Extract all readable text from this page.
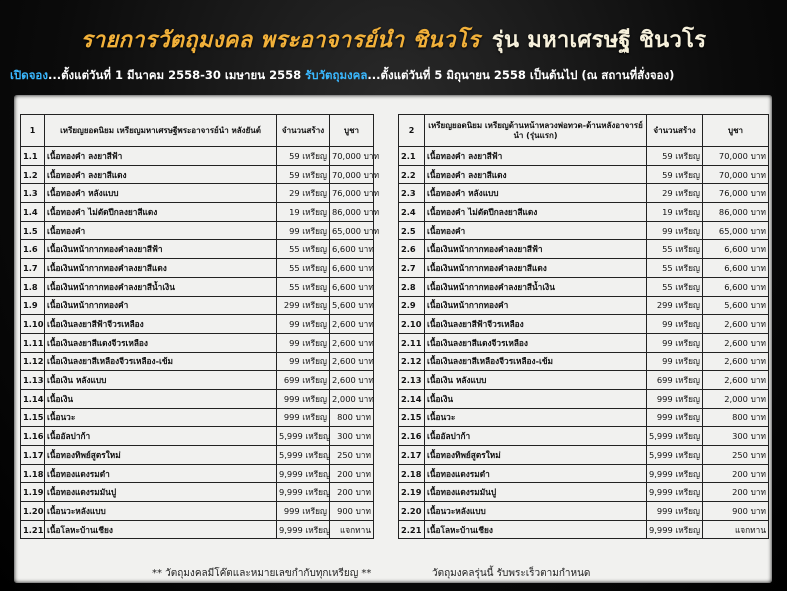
รายการวัตถุมงคล พระอาจารย์นำ ชินวโร รุ่น มหาเศรษฐี ชินวโร
เปิดจอง...ตั้งแต่วันที่ 1 มีนาคม 2558-30 เมษายน 2558 รับวัตถุมงคล...ตั้งแต่วันที่ 5 มิถุนายน 2558 เป็นต้นไป (ณ สถานที่สั่งจอง)
1	เหรียญยอดนิยม เหรียญมหาเศรษฐีพระอาจารย์นำ หลังยันต์	จำนวนสร้าง	บูชา
1.1	เนื้อทองคำ ลงยาสีฟ้า	59 เหรียญ	70,000 บาท
1.2	เนื้อทองคำ ลงยาสีแดง	59 เหรียญ	70,000 บาท
1.3	เนื้อทองคำ หลังแบบ	29 เหรียญ	76,000 บาท
1.4	เนื้อทองคำ ไม่ตัดปีกลงยาสีแดง	19 เหรียญ	86,000 บาท
1.5	เนื้อทองคำ	99 เหรียญ	65,000 บาท
1.6	เนื้อเงินหน้ากากทองคำลงยาสีฟ้า	55 เหรียญ	6,600 บาท
1.7	เนื้อเงินหน้ากากทองคำลงยาสีแดง	55 เหรียญ	6,600 บาท
1.8	เนื้อเงินหน้ากากทองคำลงยาสีน้ำเงิน	55 เหรียญ	6,600 บาท
1.9	เนื้อเงินหน้ากากทองคำ	299 เหรียญ	5,600 บาท
1.10	เนื้อเงินลงยาสีฟ้าจีวรเหลือง	99 เหรียญ	2,600 บาท
1.11	เนื้อเงินลงยาสีแดงจีวรเหลือง	99 เหรียญ	2,600 บาท
1.12	เนื้อเงินลงยาสีเหลืองจีวรเหลือง-เข้ม	99 เหรียญ	2,600 บาท
1.13	เนื้อเงิน หลังแบบ	699 เหรียญ	2,600 บาท
1.14	เนื้อเงิน	999 เหรียญ	2,000 บาท
1.15	เนื้อนวะ	999 เหรียญ	800 บาท
1.16	เนื้ออัลปาก้า	5,999 เหรียญ	300 บาท
1.17	เนื้อทองทิพย์สูตรใหม่	5,999 เหรียญ	250 บาท
1.18	เนื้อทองแดงรมดำ	9,999 เหรียญ	200 บาท
1.19	เนื้อทองแดงรมมันปู	9,999 เหรียญ	200 บาท
1.20	เนื้อนวะหลังแบบ	999 เหรียญ	900 บาท
1.21	เนื้อโลหะบ้านเชียง	9,999 เหรียญ	แจกทาน
2	เหรียญยอดนิยม เหรียญด้านหน้าหลวงพ่อทวด-ด้านหลังอาจารย์นำ (รุ่นแรก)	จำนวนสร้าง	บูชา
2.1	เนื้อทองคำ ลงยาสีฟ้า	59 เหรียญ	70,000 บาท
2.2	เนื้อทองคำ ลงยาสีแดง	59 เหรียญ	70,000 บาท
2.3	เนื้อทองคำ หลังแบบ	29 เหรียญ	76,000 บาท
2.4	เนื้อทองคำ ไม่ตัดปีกลงยาสีแดง	19 เหรียญ	86,000 บาท
2.5	เนื้อทองคำ	99 เหรียญ	65,000 บาท
2.6	เนื้อเงินหน้ากากทองคำลงยาสีฟ้า	55 เหรียญ	6,600 บาท
2.7	เนื้อเงินหน้ากากทองคำลงยาสีแดง	55 เหรียญ	6,600 บาท
2.8	เนื้อเงินหน้ากากทองคำลงยาสีน้ำเงิน	55 เหรียญ	6,600 บาท
2.9	เนื้อเงินหน้ากากทองคำ	299 เหรียญ	5,600 บาท
2.10	เนื้อเงินลงยาสีฟ้าจีวรเหลือง	99 เหรียญ	2,600 บาท
2.11	เนื้อเงินลงยาสีแดงจีวรเหลือง	99 เหรียญ	2,600 บาท
2.12	เนื้อเงินลงยาสีเหลืองจีวรเหลือง-เข้ม	99 เหรียญ	2,600 บาท
2.13	เนื้อเงิน หลังแบบ	699 เหรียญ	2,600 บาท
2.14	เนื้อเงิน	999 เหรียญ	2,000 บาท
2.15	เนื้อนวะ	999 เหรียญ	800 บาท
2.16	เนื้ออัลปาก้า	5,999 เหรียญ	300 บาท
2.17	เนื้อทองทิพย์สูตรใหม่	5,999 เหรียญ	250 บาท
2.18	เนื้อทองแดงรมดำ	9,999 เหรียญ	200 บาท
2.19	เนื้อทองแดงรมมันปู	9,999 เหรียญ	200 บาท
2.20	เนื้อนวะหลังแบบ	999 เหรียญ	900 บาท
2.21	เนื้อโลหะบ้านเชียง	9,999 เหรียญ	แจกทาน
** วัตถุมงคลมีโค๊ตและหมายเลขกำกับทุกเหรียญ **	วัตถุมงคลรุ่นนี้ รับพระเร็วตามกำหนด
